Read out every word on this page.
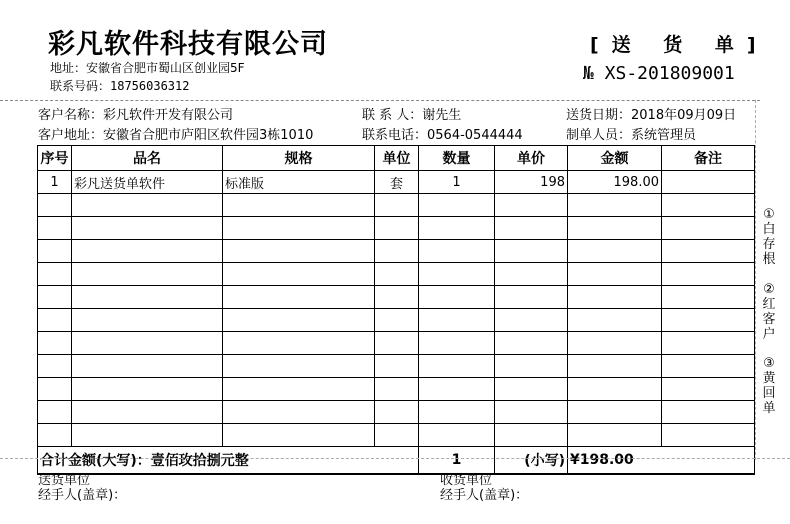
彩凡软件科技有限公司
地址：安徽省合肥市蜀山区创业园5F
联系号码：18756036312
[送 货 单]
№ XS-201809001
客户名称：彩凡软件开发有限公司	联 系 人：谢先生	送货日期：2018年09月09日
客户地址：安徽省合肥市庐阳区软件园3栋1010	联系电话：0564-0544444	制单人员：系统管理员
序号	品名	规格	单位	数量	单价	金额	备注
1	彩凡送货单软件	标准版	套	1	198	198.00	

合计金额(大写)：壹佰玫拾捌元整				1	(小写)	¥198.00	
①白存根
②红客户
③黄回单
送货单位
经手人(盖章)：
收货单位
经手人(盖章)：
